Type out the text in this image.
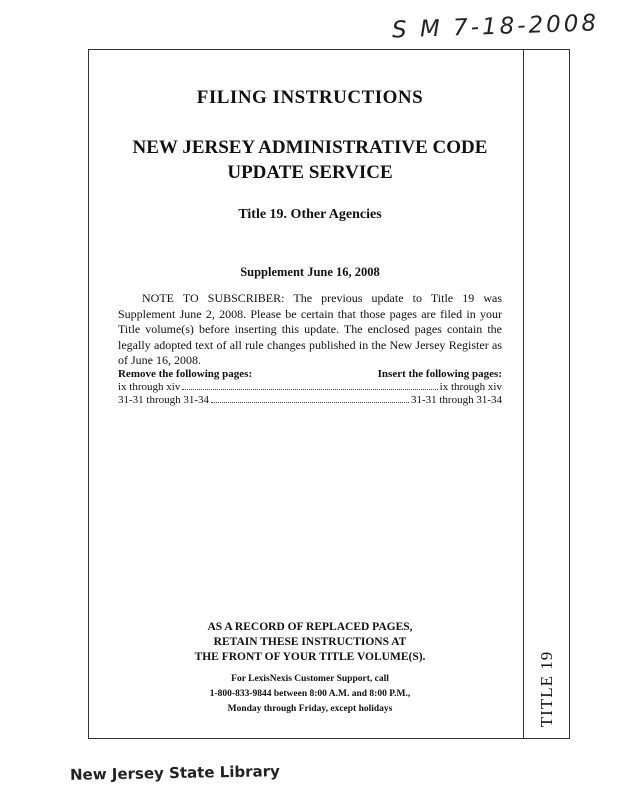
S M 7-18-2008
TITLE 19
FILING INSTRUCTIONS
NEW JERSEY ADMINISTRATIVE CODE
UPDATE SERVICE
Title 19. Other Agencies
Supplement June 16, 2008
NOTE TO SUBSCRIBER: The previous update to Title 19 was Supplement June 2, 2008. Please be certain that those pages are filed in your Title volume(s) before inserting this update. The enclosed pages contain the legally adopted text of all rule changes published in the New Jersey Register as of June 16, 2008.
Remove the following pages:	Insert the following pages:
ix through xiv	ix through xiv
31-31 through 31-34	31-31 through 31-34
AS A RECORD OF REPLACED PAGES,
RETAIN THESE INSTRUCTIONS AT
THE FRONT OF YOUR TITLE VOLUME(S).
For LexisNexis Customer Support, call
1-800-833-9844 between 8:00 A.M. and 8:00 P.M.,
Monday through Friday, except holidays
New Jersey State Library
